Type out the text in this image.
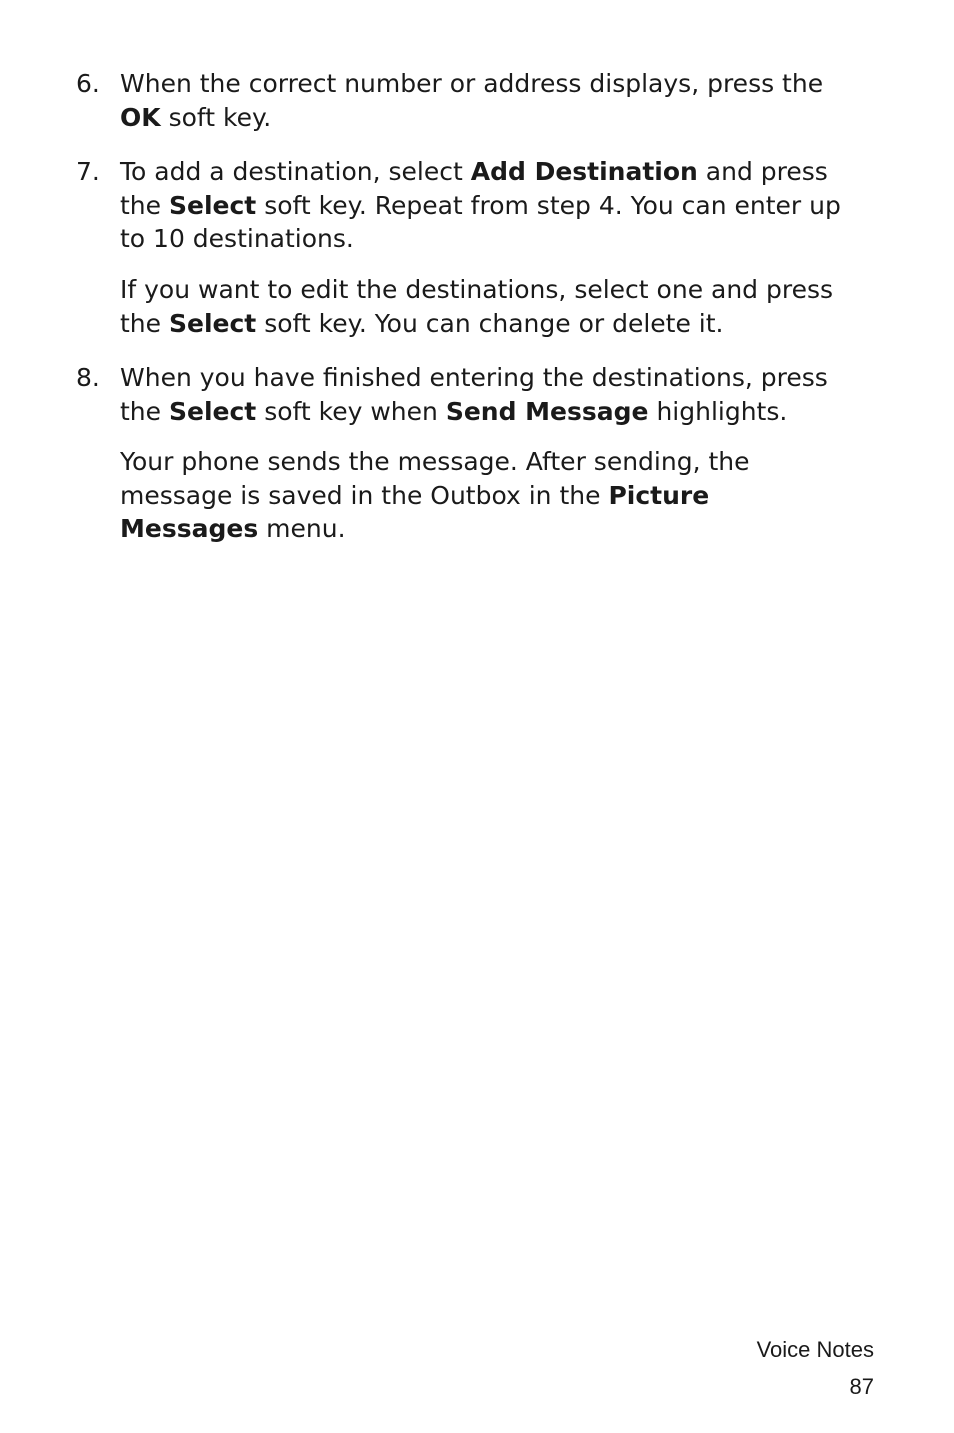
6. When the correct number or address displays, press the
OK soft key.
7. To add a destination, select Add Destination and press
the Select soft key. Repeat from step 4. You can enter up
to 10 destinations.
If you want to edit the destinations, select one and press
the Select soft key. You can change or delete it.
8. When you have finished entering the destinations, press
the Select soft key when Send Message highlights.
Your phone sends the message. After sending, the
message is saved in the Outbox in the Picture
Messages menu.
Voice Notes
87
